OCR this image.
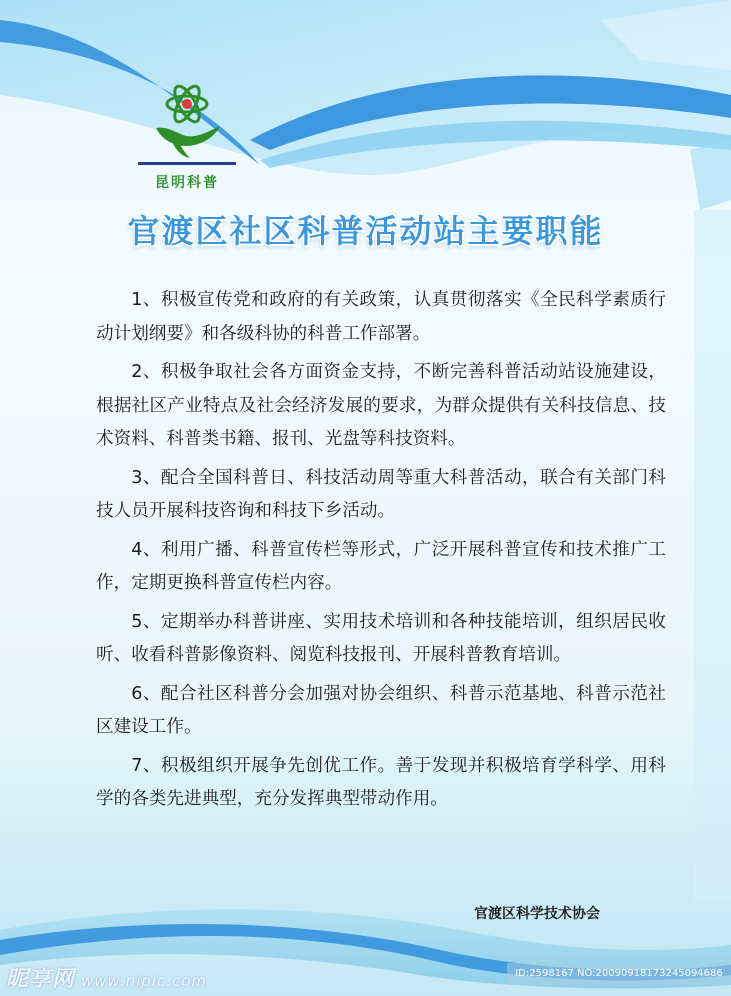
昆明科普
官渡区社区科普活动站主要职能

1、积极宣传党和政府的有关政策，认真贯彻落实《全民科学素质行动计划纲要》和各级科协的科普工作部署。

2、积极争取社会各方面资金支持，不断完善科普活动站设施建设，根据社区产业特点及社会经济发展的要求，为群众提供有关科技信息、技术资料、科普类书籍、报刊、光盘等科技资料。

3、配合全国科普日、科技活动周等重大科普活动，联合有关部门科技人员开展科技咨询和科技下乡活动。

4、利用广播、科普宣传栏等形式，广泛开展科普宣传和技术推广工作，定期更换科普宣传栏内容。

5、定期举办科普讲座、实用技术培训和各种技能培训，组织居民收听、收看科普影像资料、阅览科技报刊、开展科普教育培训。

6、配合社区科普分会加强对协会组织、科普示范基地、科普示范社区建设工作。

7、积极组织开展争先创优工作。善于发现并积极培育学科学、用科学的各类先进典型，充分发挥典型带动作用。

官渡区科学技术协会
昵享网 www.nipic.com	ID:2598167 NO:20090918173245094686
